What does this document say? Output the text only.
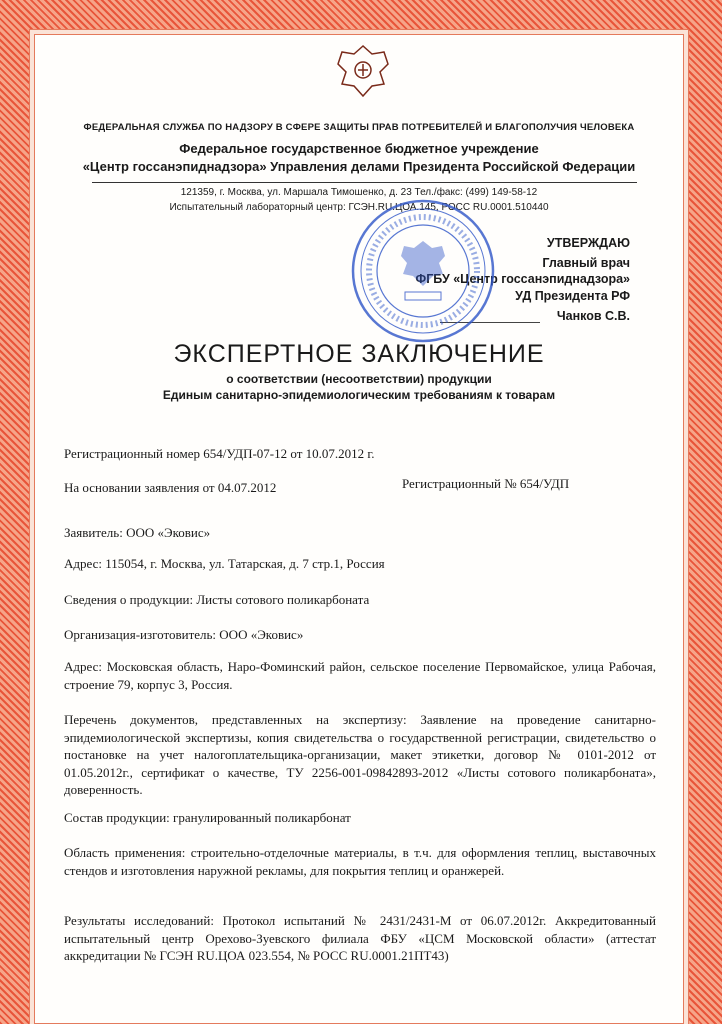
ФЕДЕРАЛЬНАЯ СЛУЖБА ПО НАДЗОРУ В СФЕРЕ ЗАЩИТЫ ПРАВ ПОТРЕБИТЕЛЕЙ И БЛАГОПОЛУЧИЯ ЧЕЛОВЕКА
Федеральное государственное бюджетное учреждение
«Центр госсанэпиднадзора» Управления делами Президента Российской Федерации
121359, г. Москва, ул. Маршала Тимошенко, д. 23 Тел./факс: (499) 149-58-12
Испытательный лабораторный центр: ГСЭН.RU.ЦОА.145, РОСС RU.0001.510440
УТВЕРЖДАЮ
Главный врач
ФГБУ «Центр госсанэпиднадзора»
УД Президента РФ
Чанков С.В.
ЭКСПЕРТНОЕ ЗАКЛЮЧЕНИЕ
о соответствии (несоответствии) продукции
Единым санитарно-эпидемиологическим требованиям к товарам
Регистрационный номер 654/УДП-07-12 от 10.07.2012 г.
На основании заявления от 04.07.2012	Регистрационный № 654/УДП
Заявитель: ООО «Эковис»
Адрес: 115054, г. Москва, ул. Татарская, д. 7 стр.1, Россия
Сведения о продукции: Листы сотового поликарбоната
Организация-изготовитель: ООО «Эковис»
Адрес: Московская область, Наро-Фоминский район, сельское поселение Первомайское, улица Рабочая, строение 79, корпус 3, Россия.
Перечень документов, представленных на экспертизу: Заявление на проведение санитарно-эпидемиологической экспертизы, копия свидетельства о государственной регистрации, свидетельство о постановке на учет налогоплательщика-организации, макет этикетки, договор № 0101-2012 от 01.05.2012г., сертификат о качестве, ТУ 2256-001-09842893-2012 «Листы сотового поликарбоната», доверенность.
Состав продукции: гранулированный поликарбонат
Область применения: строительно-отделочные материалы, в т.ч. для оформления теплиц, выставочных стендов и изготовления наружной рекламы, для покрытия теплиц и оранжерей.
Результаты исследований: Протокол испытаний № 2431/2431-М от 06.07.2012г. Аккредитованный испытательный центр Орехово-Зуевского филиала ФБУ «ЦСМ Московской области» (аттестат аккредитации № ГСЭН RU.ЦОА 023.554, № РОСС RU.0001.21ПТ43)
